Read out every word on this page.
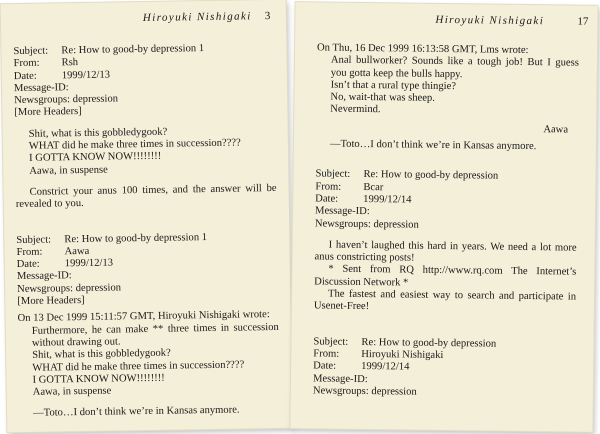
Hiroyuki Nishigaki 3
Subject:	Re: How to good-by depression 1
From:	Rsh
Date:	1999/12/13
Message-ID:
Newsgroups:
depression
[More Headers]
Shit, what is this gobbledygook?
WHAT did he make three times in succession????
I GOTTA KNOW NOW!!!!!!!!
Aawa, in suspense
Constrict your anus 100 times, and the answer will be revealed to you.
Subject:	Re: How to good-by depression 1
From:	Aawa
Date:	1999/12/13
Message-ID:
Newsgroups:
depression
[More Headers]
On 13 Dec 1999 15:11:57 GMT, Hiroyuki Nishigaki wrote:
Furthermore, he can make ** three times in succession without drawing out.
Shit, what is this gobbledygook?
WHAT did he make three times in succession????
I GOTTA KNOW NOW!!!!!!!!
Aawa, in suspense
—Toto…I don’t think we’re in Kansas anymore.
Hiroyuki Nishigaki	17
On Thu, 16 Dec 1999 16:13:58 GMT, Lms wrote:
Anal bullworker? Sounds like a tough job! But I guess you gotta keep the bulls happy.
Isn’t that a rural type thingie?
No, wait-that was sheep.
Nevermind.
Aawa
—Toto…I don’t think we’re in Kansas anymore.
Subject:	Re: How to good-by depression
From:	Bcar
Date:	1999/12/14
Message-ID:
Newsgroups:
depression
I haven’t laughed this hard in years. We need a lot more anus constricting posts!
* Sent from RQ http://www.rq.com The Internet’s Discussion Network *
The fastest and easiest way to search and participate in Usenet-Free!
Subject:	Re: How to good-by depression
From:	Hiroyuki Nishigaki
Date:	1999/12/14
Message-ID:
Newsgroups:
depression
